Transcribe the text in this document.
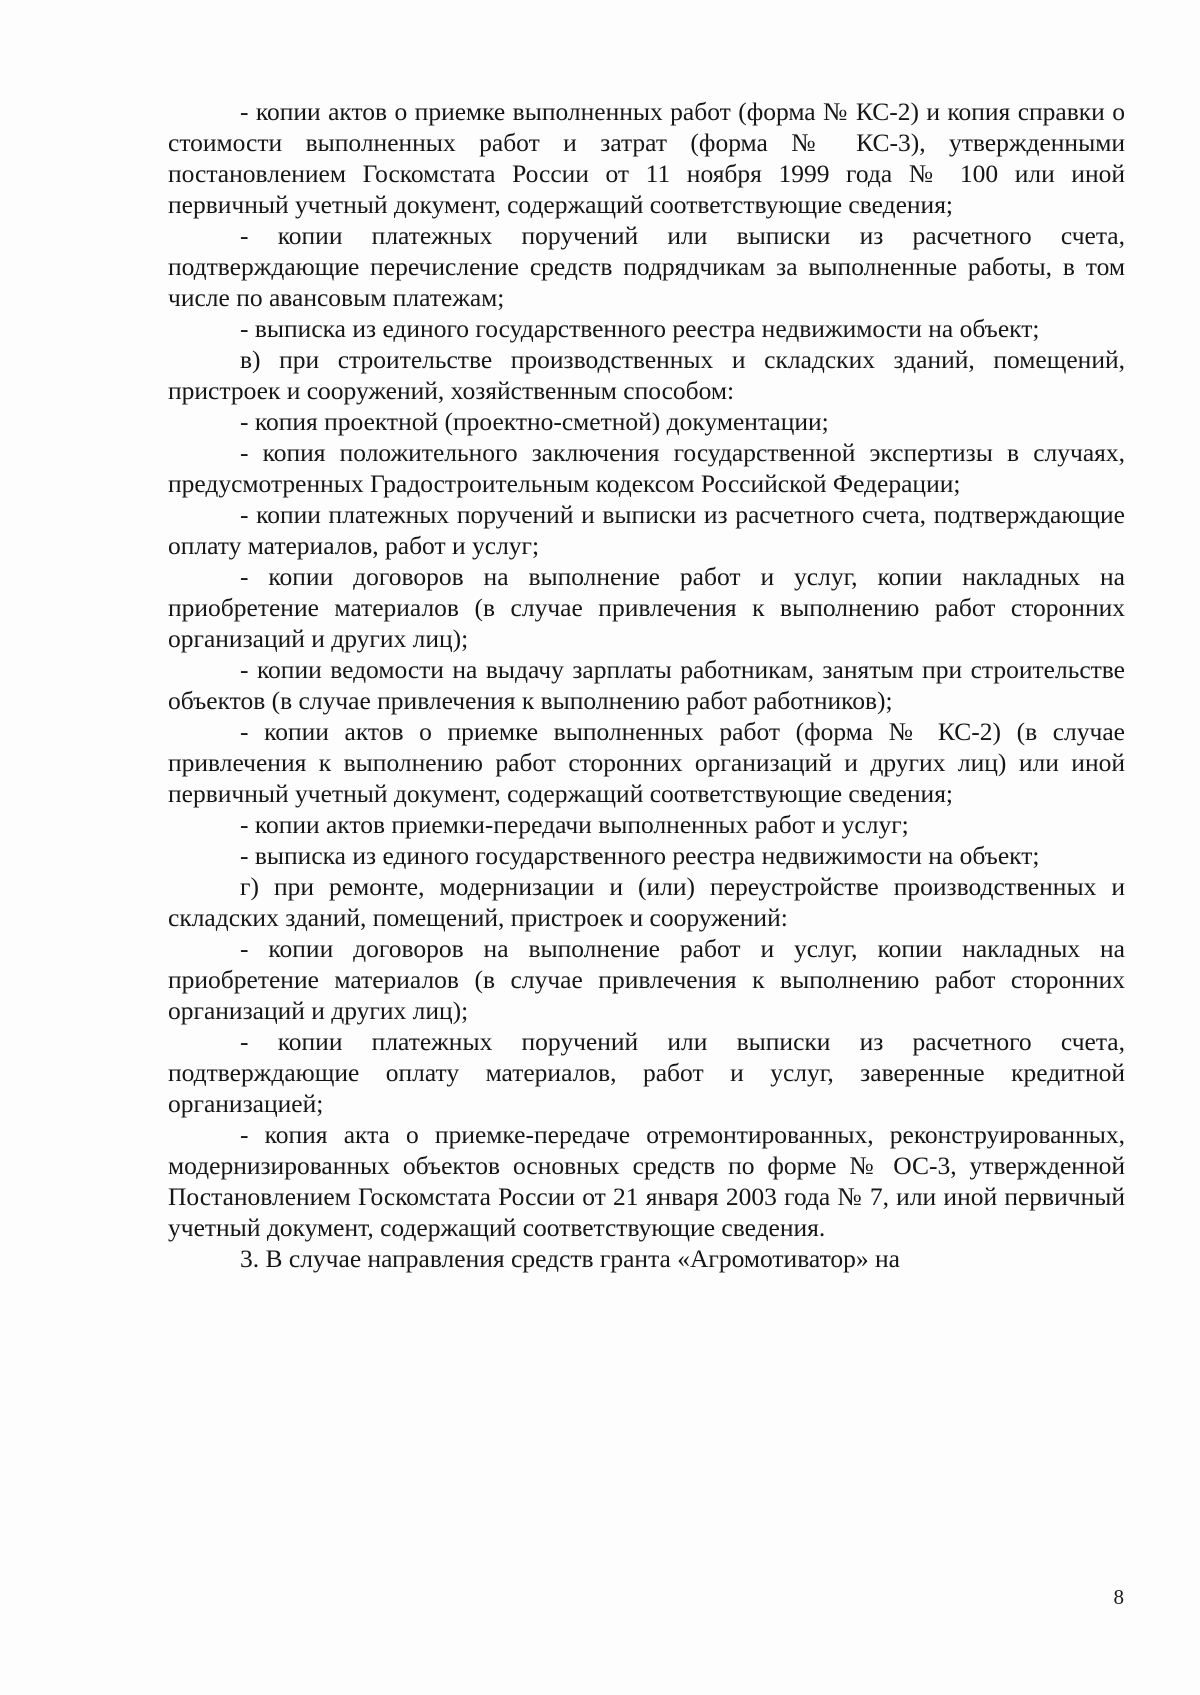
- копии актов о приемке выполненных работ (форма № КС-2) и копия справки о стоимости выполненных работ и затрат (форма № КС-3), утвержденными постановлением Госкомстата России от 11 ноября 1999 года № 100 или иной первичный учетный документ, содержащий соответствующие сведения;

- копии платежных поручений или выписки из расчетного счета, подтверждающие перечисление средств подрядчикам за выполненные работы, в том числе по авансовым платежам;

- выписка из единого государственного реестра недвижимости на объект;

в) при строительстве производственных и складских зданий, помещений, пристроек и сооружений, хозяйственным способом:

- копия проектной (проектно-сметной) документации;

- копия положительного заключения государственной экспертизы в случаях, предусмотренных Градостроительным кодексом Российской Федерации;

- копии платежных поручений и выписки из расчетного счета, подтверждающие оплату материалов, работ и услуг;

- копии договоров на выполнение работ и услуг, копии накладных на приобретение материалов (в случае привлечения к выполнению работ сторонних организаций и других лиц);

- копии ведомости на выдачу зарплаты работникам, занятым при строительстве объектов (в случае привлечения к выполнению работ работников);

- копии актов о приемке выполненных работ (форма № КС-2) (в случае привлечения к выполнению работ сторонних организаций и других лиц) или иной первичный учетный документ, содержащий соответствующие сведения;

- копии актов приемки-передачи выполненных работ и услуг;

- выписка из единого государственного реестра недвижимости на объект;

г) при ремонте, модернизации и (или) переустройстве производственных и складских зданий, помещений, пристроек и сооружений:

- копии договоров на выполнение работ и услуг, копии накладных на приобретение материалов (в случае привлечения к выполнению работ сторонних организаций и других лиц);

- копии платежных поручений или выписки из расчетного счета, подтверждающие оплату материалов, работ и услуг, заверенные кредитной организацией;

- копия акта о приемке-передаче отремонтированных, реконструированных, модернизированных объектов основных средств по форме № ОС-3, утвержденной Постановлением Госкомстата России от 21 января 2003 года № 7, или иной первичный учетный документ, содержащий соответствующие сведения.

3. В случае направления средств гранта «Агромотиватор» на

8
